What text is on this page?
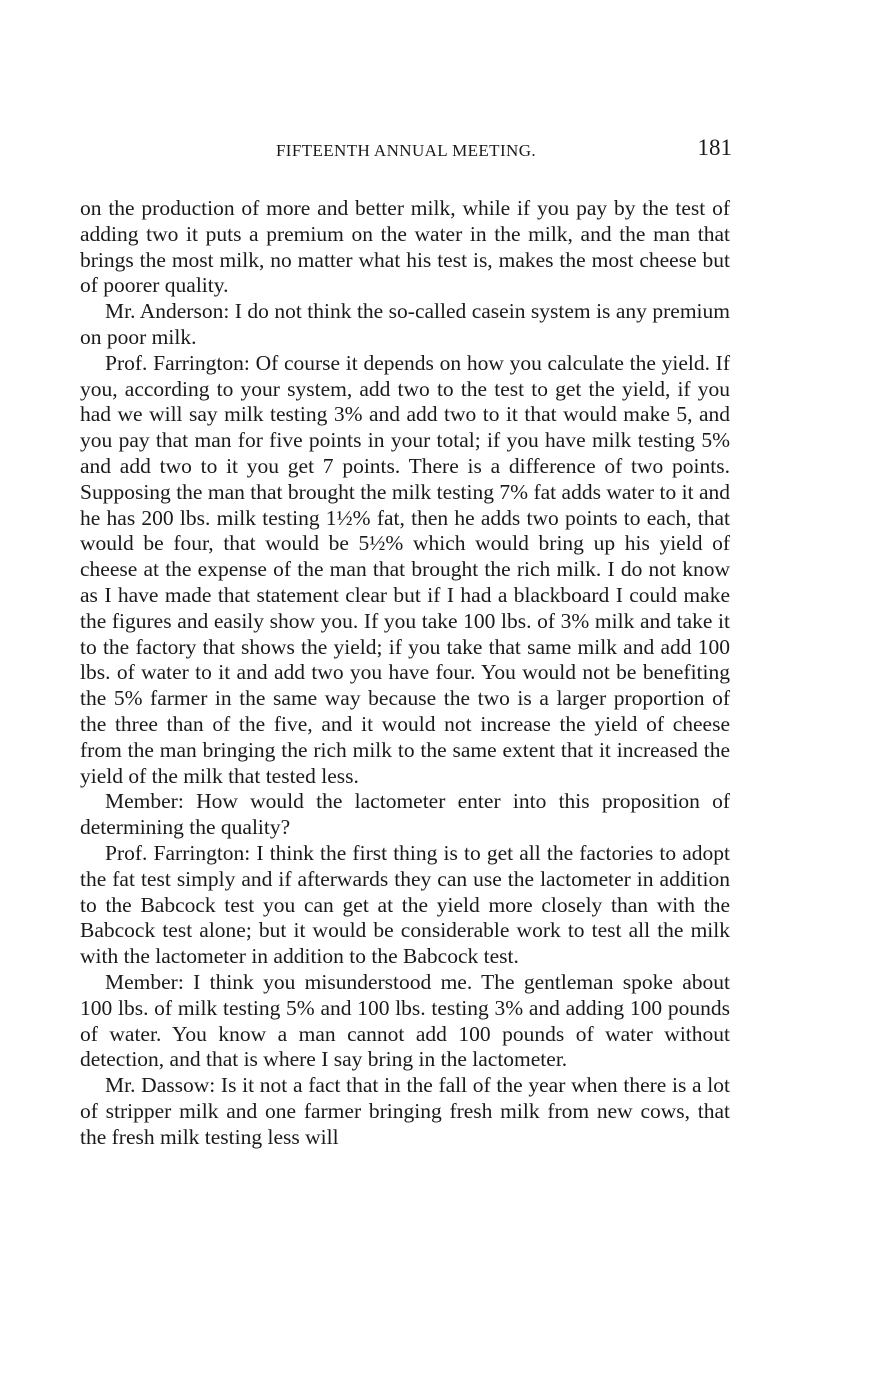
FIFTEENTH ANNUAL MEETING.	181

on the production of more and better milk, while if you pay by the test of adding two it puts a premium on the water in the milk, and the man that brings the most milk, no matter what his test is, makes the most cheese but of poorer quality.

Mr. Anderson: I do not think the so-called casein system is any premium on poor milk.

Prof. Farrington: Of course it depends on how you calculate the yield. If you, according to your system, add two to the test to get the yield, if you had we will say milk testing 3% and add two to it that would make 5, and you pay that man for five points in your total; if you have milk testing 5% and add two to it you get 7 points. There is a difference of two points. Supposing the man that brought the milk testing 7% fat adds water to it and he has 200 lbs. milk testing 1½% fat, then he adds two points to each, that would be four, that would be 5½% which would bring up his yield of cheese at the expense of the man that brought the rich milk. I do not know as I have made that statement clear but if I had a blackboard I could make the figures and easily show you. If you take 100 lbs. of 3% milk and take it to the factory that shows the yield; if you take that same milk and add 100 lbs. of water to it and add two you have four. You would not be benefiting the 5% farmer in the same way because the two is a larger proportion of the three than of the five, and it would not increase the yield of cheese from the man bringing the rich milk to the same extent that it increased the yield of the milk that tested less.

Member: How would the lactometer enter into this proposition of determining the quality?

Prof. Farrington: I think the first thing is to get all the factories to adopt the fat test simply and if afterwards they can use the lactometer in addition to the Babcock test you can get at the yield more closely than with the Babcock test alone; but it would be considerable work to test all the milk with the lactometer in addition to the Babcock test.

Member: I think you misunderstood me. The gentleman spoke about 100 lbs. of milk testing 5% and 100 lbs. testing 3% and adding 100 pounds of water. You know a man cannot add 100 pounds of water without detection, and that is where I say bring in the lactometer.

Mr. Dassow: Is it not a fact that in the fall of the year when there is a lot of stripper milk and one farmer bringing fresh milk from new cows, that the fresh milk testing less will
